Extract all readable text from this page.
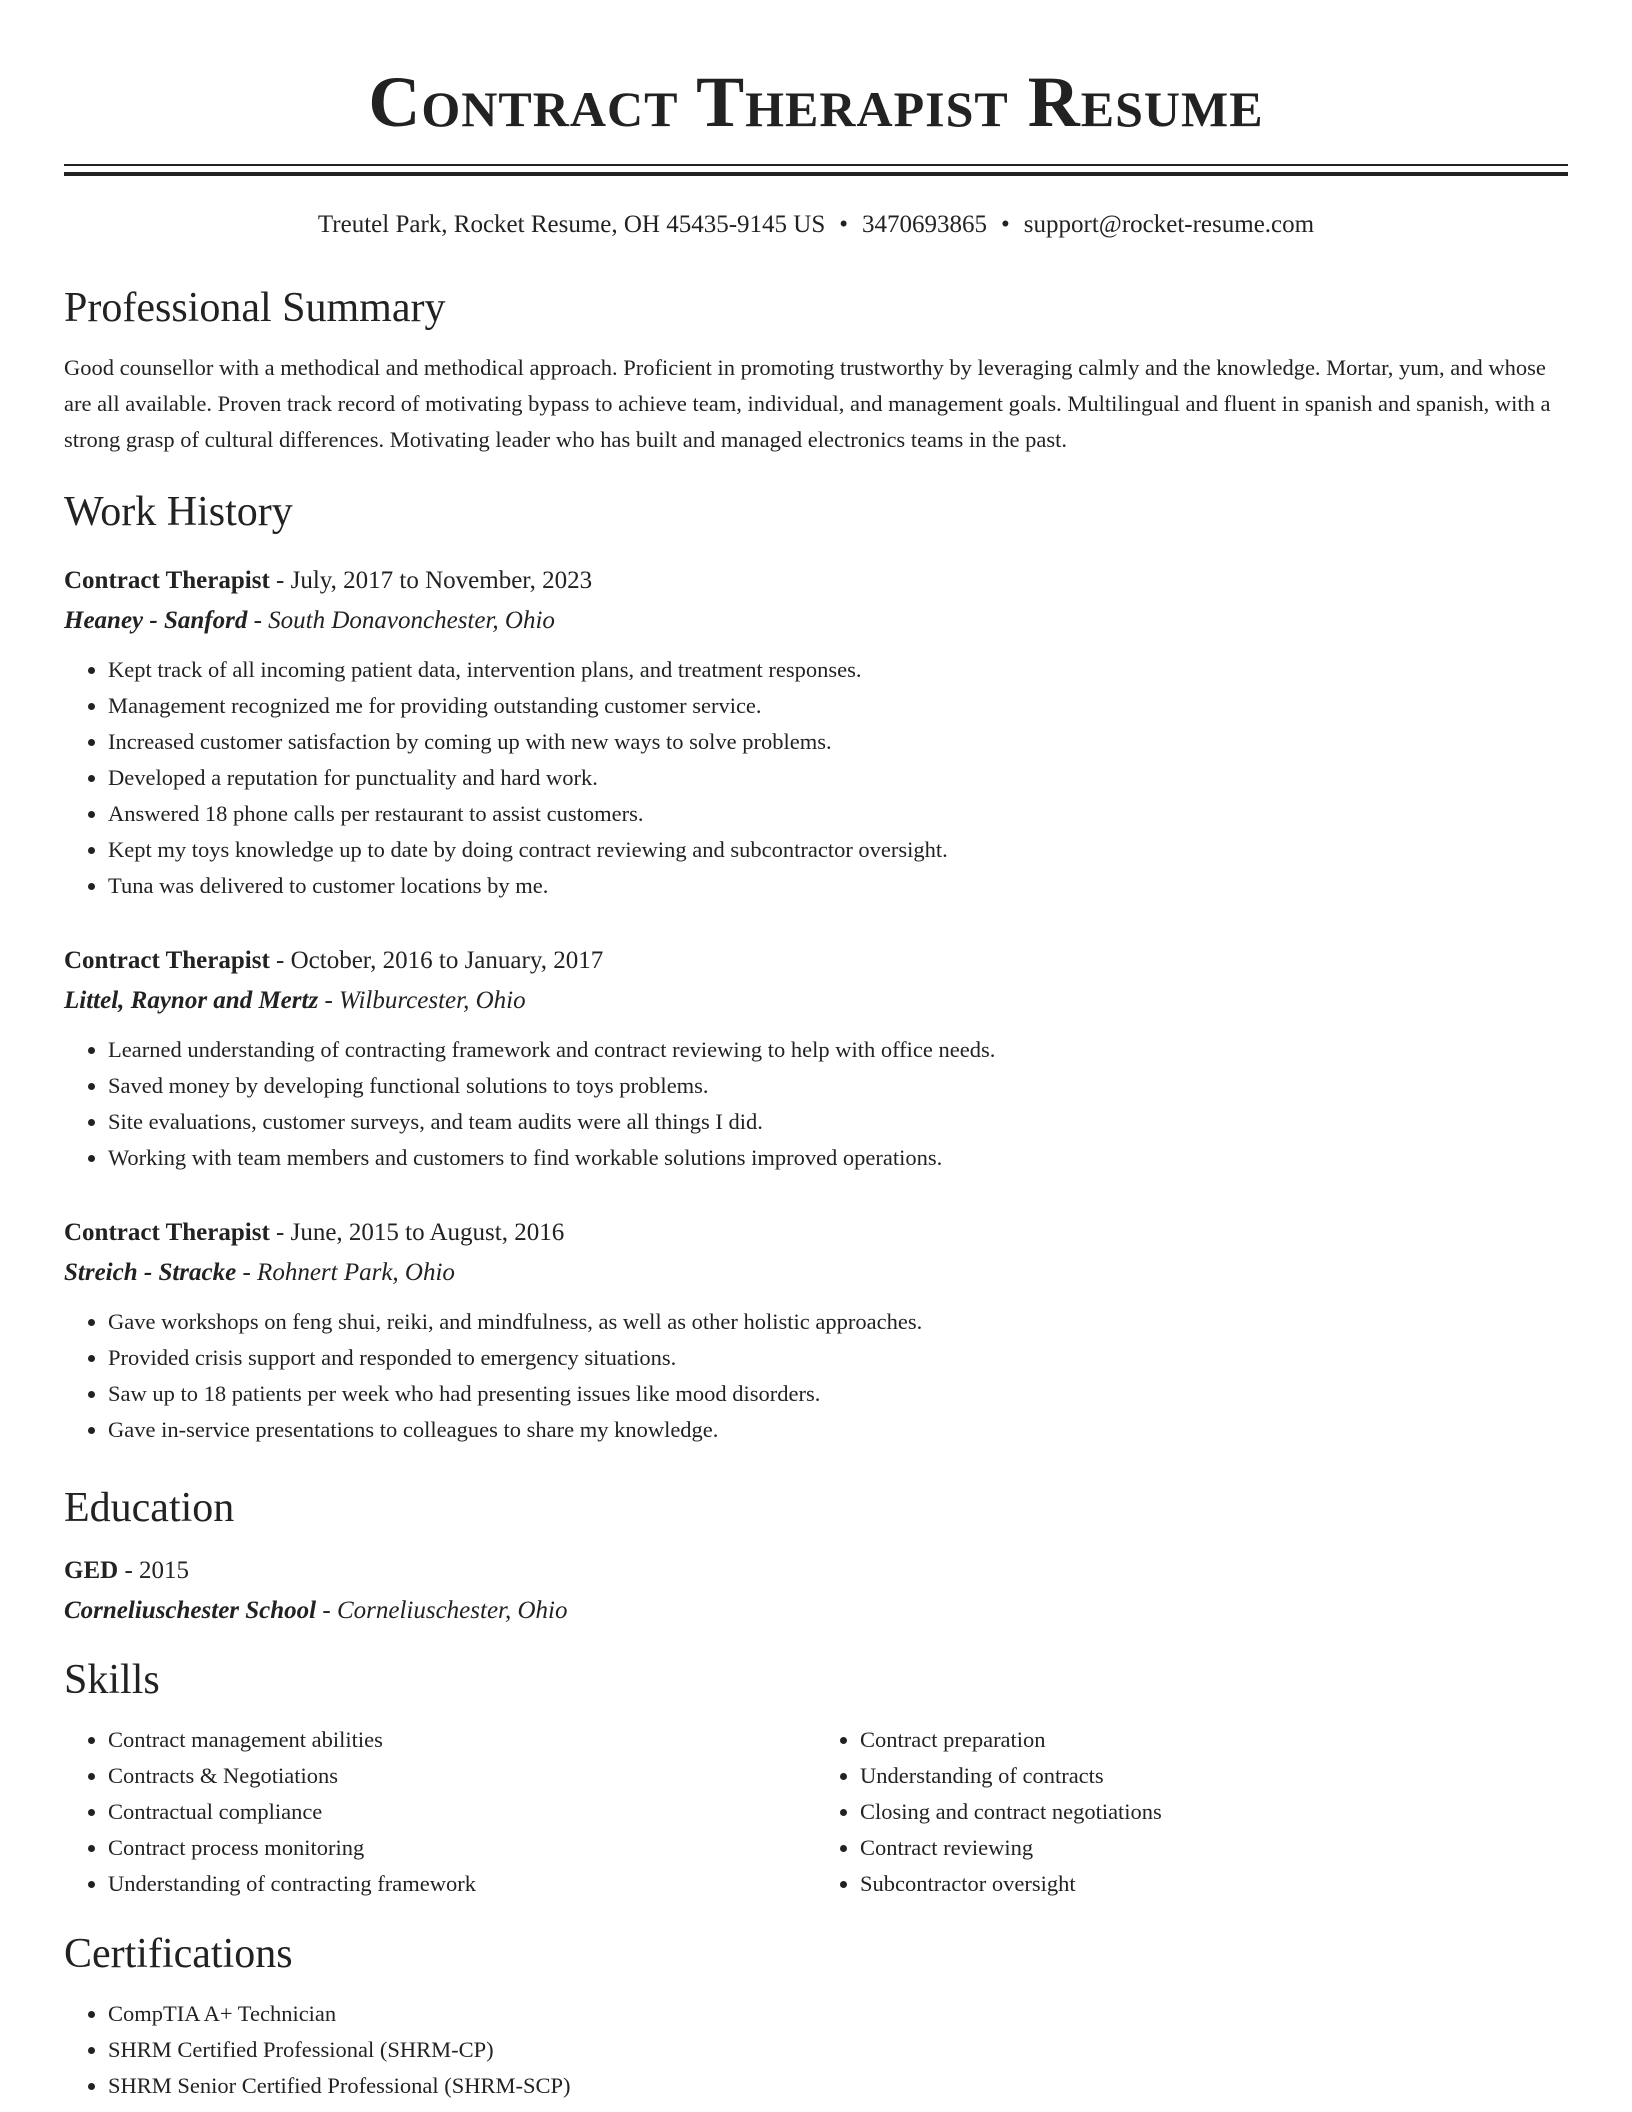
Contract Therapist Resume
Treutel Park, Rocket Resume, OH 45435-9145 US • 3470693865 • support@rocket-resume.com
Professional Summary

Good counsellor with a methodical and methodical approach. Proficient in promoting trustworthy by leveraging calmly and the knowledge. Mortar, yum, and whose are all available. Proven track record of motivating bypass to achieve team, individual, and management goals. Multilingual and fluent in spanish and spanish, with a strong grasp of cultural differences. Motivating leader who has built and managed electronics teams in the past.

Work History
Contract Therapist - July, 2017 to November, 2023
Heaney - Sanford - South Donavonchester, Ohio
• Kept track of all incoming patient data, intervention plans, and treatment responses.
• Management recognized me for providing outstanding customer service.
• Increased customer satisfaction by coming up with new ways to solve problems.
• Developed a reputation for punctuality and hard work.
• Answered 18 phone calls per restaurant to assist customers.
• Kept my toys knowledge up to date by doing contract reviewing and subcontractor oversight.
• Tuna was delivered to customer locations by me.
Contract Therapist - October, 2016 to January, 2017
Littel, Raynor and Mertz - Wilburcester, Ohio
• Learned understanding of contracting framework and contract reviewing to help with office needs.
• Saved money by developing functional solutions to toys problems.
• Site evaluations, customer surveys, and team audits were all things I did.
• Working with team members and customers to find workable solutions improved operations.
Contract Therapist - June, 2015 to August, 2016
Streich - Stracke - Rohnert Park, Ohio
• Gave workshops on feng shui, reiki, and mindfulness, as well as other holistic approaches.
• Provided crisis support and responded to emergency situations.
• Saw up to 18 patients per week who had presenting issues like mood disorders.
• Gave in-service presentations to colleagues to share my knowledge.
Education
GED - 2015
Corneliuschester School - Corneliuschester, Ohio
Skills
• Contract management abilities
• Contracts & Negotiations
• Contractual compliance
• Contract process monitoring
• Understanding of contracting framework
• Contract preparation
• Understanding of contracts
• Closing and contract negotiations
• Contract reviewing
• Subcontractor oversight
Certifications
• CompTIA A+ Technician
• SHRM Certified Professional (SHRM-CP)
• SHRM Senior Certified Professional (SHRM-SCP)
